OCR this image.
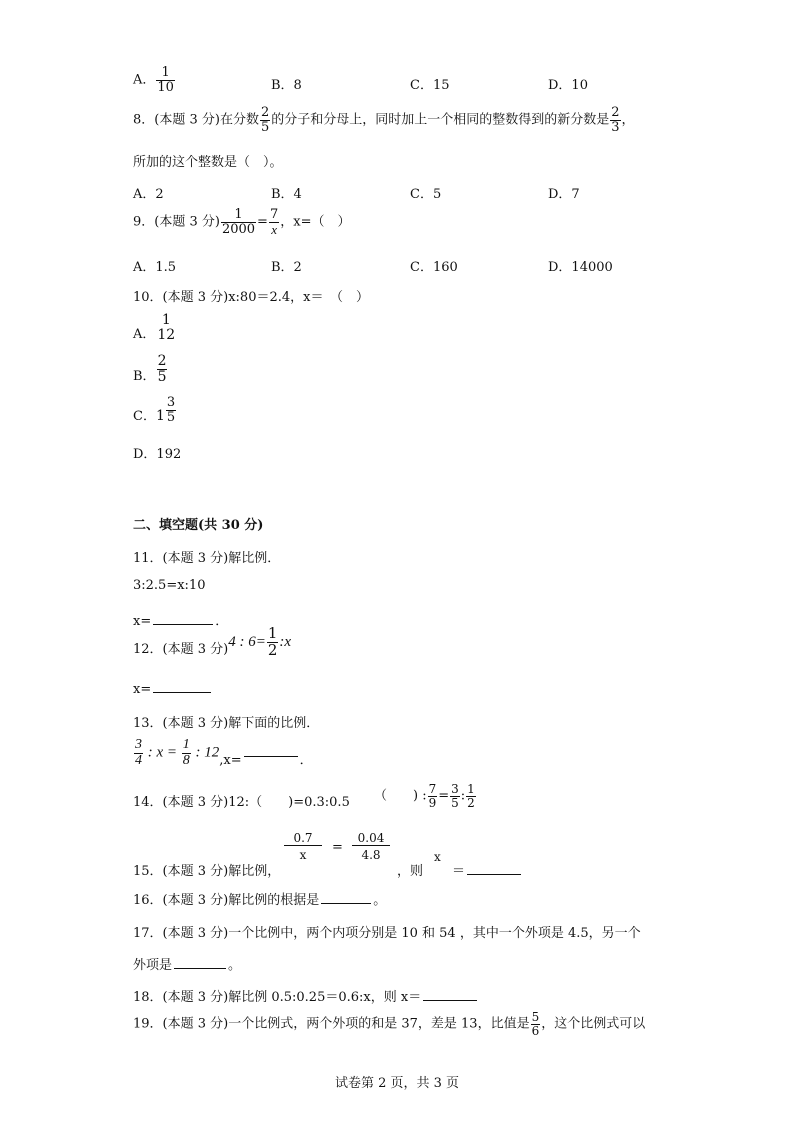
A． $\frac{1}{10}$	B．8	C．15	D．10
8．(本题 3 分)在分数 $\frac{2}{5}$ 的分子和分母上，同时加上一个相同的整数得到的新分数是 $\frac{2}{3}$ ，
所加的这个整数是（　）。
A．2	B．4	C．5	D．7
9．(本题 3 分) $\frac{1}{2000} = \frac{7}{x}$ ，x=（　）
A．1.5	B．2	C．160	D．14000
10．(本题 3 分)x:80＝2.4，x＝　（　）
A．
1
12
B． $\frac{2}{5}$
C．$1 \frac{3}{5}$
D．192
二、填空题(共 30 分)
11．(本题 3 分)解比例．
3:2.5=x:10
x=	．
12．(本题 3 分)4 : $6= \frac{1}{2}$ :x
x=
13．(本题 3 分)解下面的比例．
$\frac{3}{4}$ : $x = \frac{1}{8}$ : 12,x=	．
14．(本题 3 分)12:（　　)=0.3:0.5 （　　) : $\frac{7}{9} = \frac{3}{5}$ : $\frac{1}{2}$
15．(本题 3 分)解比例，
0.7
x	=
0.04
4.8
，则
x
＝
16．(本题 3 分)解比例的根据是	。
17．(本题 3 分)一个比例中，两个内项分别是 10 和 54 ，其中一个外项是 4.5，另一个
外项是	。
18．(本题 3 分)解比例 0.5:0.25＝0.6:x，则 x＝
19．(本题 3 分)一个比例式，两个外项的和是 37，差是 13，比值是 $\frac{5}{6}$ ，这个比例式可以
试卷第 2 页，共 3 页
